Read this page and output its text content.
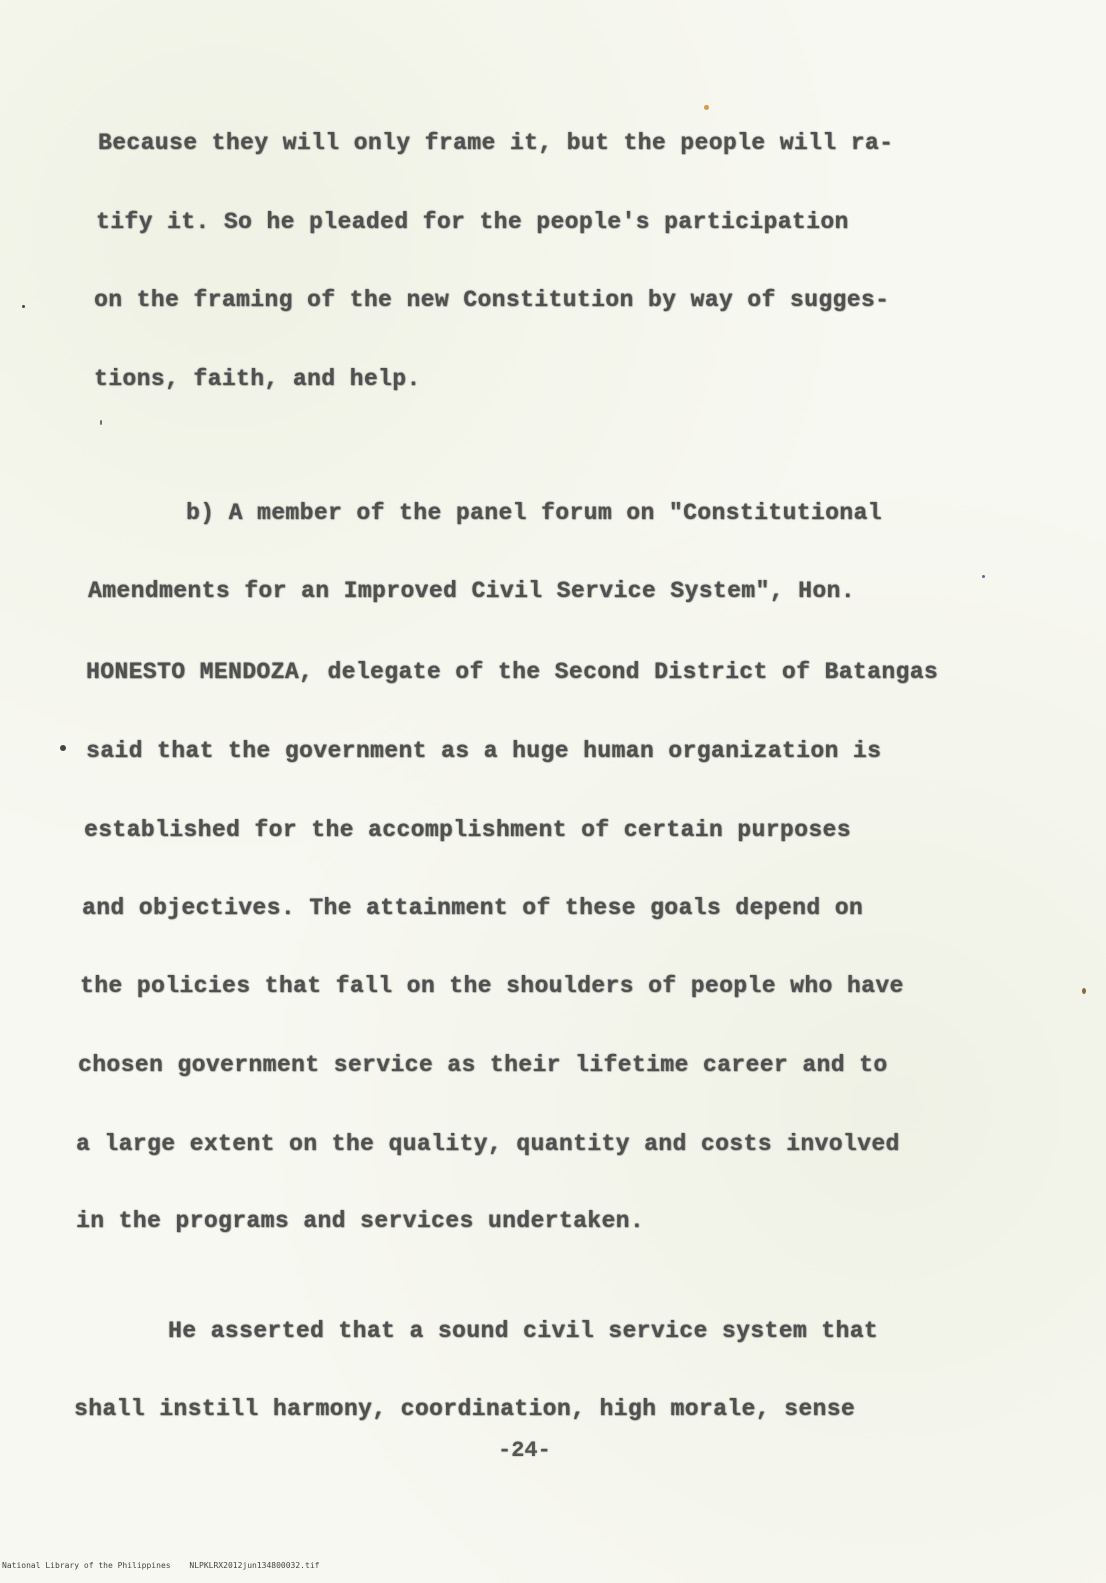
Because they will only frame it, but the people will ra-
tify it. So he pleaded for the people's participation
on the framing of the new Constitution by way of sugges-
tions, faith, and help.
b) A member of the panel forum on "Constitutional
Amendments for an Improved Civil Service System", Hon.
HONESTO MENDOZA, delegate of the Second District of Batangas
said that the government as a huge human organization is
established for the accomplishment of certain purposes
and objectives. The attainment of these goals depend on
the policies that fall on the shoulders of people who have
chosen government service as their lifetime career and to
a large extent on the quality, quantity and costs involved
in the programs and services undertaken.
He asserted that a sound civil service system that
shall instill harmony, coordination, high morale, sense
-24-
National Library of the Philippines NLPKLRX2012jun134800032.tif
